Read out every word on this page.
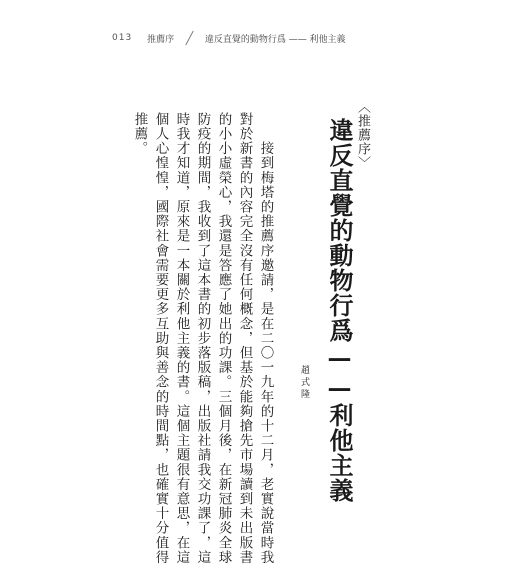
013 推薦序	違反直覺的動物行爲 —— 利他主義
〈推薦序〉
違反直覺的動物行爲——利他主義
趙式隆
　　接到梅塔的推薦序邀請，是在二〇一九年的十二月，老實說當時我
對於新書的內容完全沒有任何概念，但基於能夠搶先市場讀到未出版書
的小小虛榮心，我還是答應了她出的功課。三個月後，在新冠肺炎全球
防疫的期間，我收到了這本書的初步落版稿，出版社請我交功課了，這
時我才知道，原來是一本關於利他主義的書。這個主題很有意思，在這
個人心惶惶，國際社會需要更多互助與善念的時間點，也確實十分值得
推薦。
